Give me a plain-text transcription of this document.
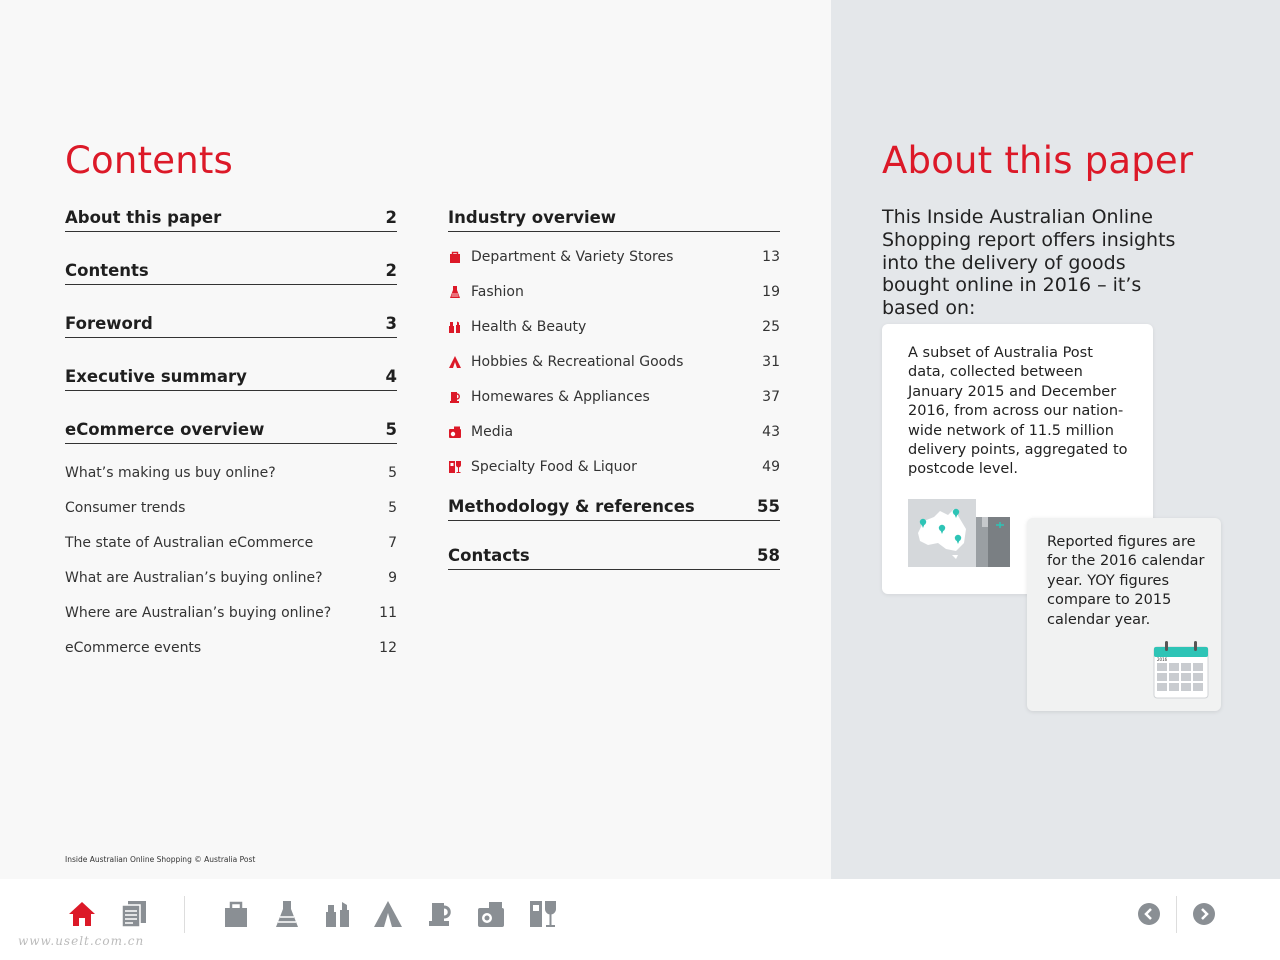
Contents
About this paper	2
Contents	2
Foreword	3
Executive summary	4
eCommerce overview	5
What’s making us buy online?	5
Consumer trends	5
The state of Australian eCommerce	7
What are Australian’s buying online?	9
Where are Australian’s buying online?	11
eCommerce events	12
Industry overview
Department & Variety Stores	13
Fashion	19
Health & Beauty	25
Hobbies & Recreational Goods	31
Homewares & Appliances	37
Media	43
Specialty Food & Liquor	49
Methodology & references	55
Contacts	58
About this paper

This Inside Australian Online Shopping report offers insights into the delivery of goods bought online in 2016 – it’s based on:

A subset of Australia Post data, collected between January 2015 and December 2016, from across our nation-wide network of 11.5 million delivery points, aggregated to postcode level.

Reported figures are for the 2016 calendar year. YOY figures compare to 2015 calendar year.

2016
Inside Australian Online Shopping © Australia Post
www.uselt.com.cn
